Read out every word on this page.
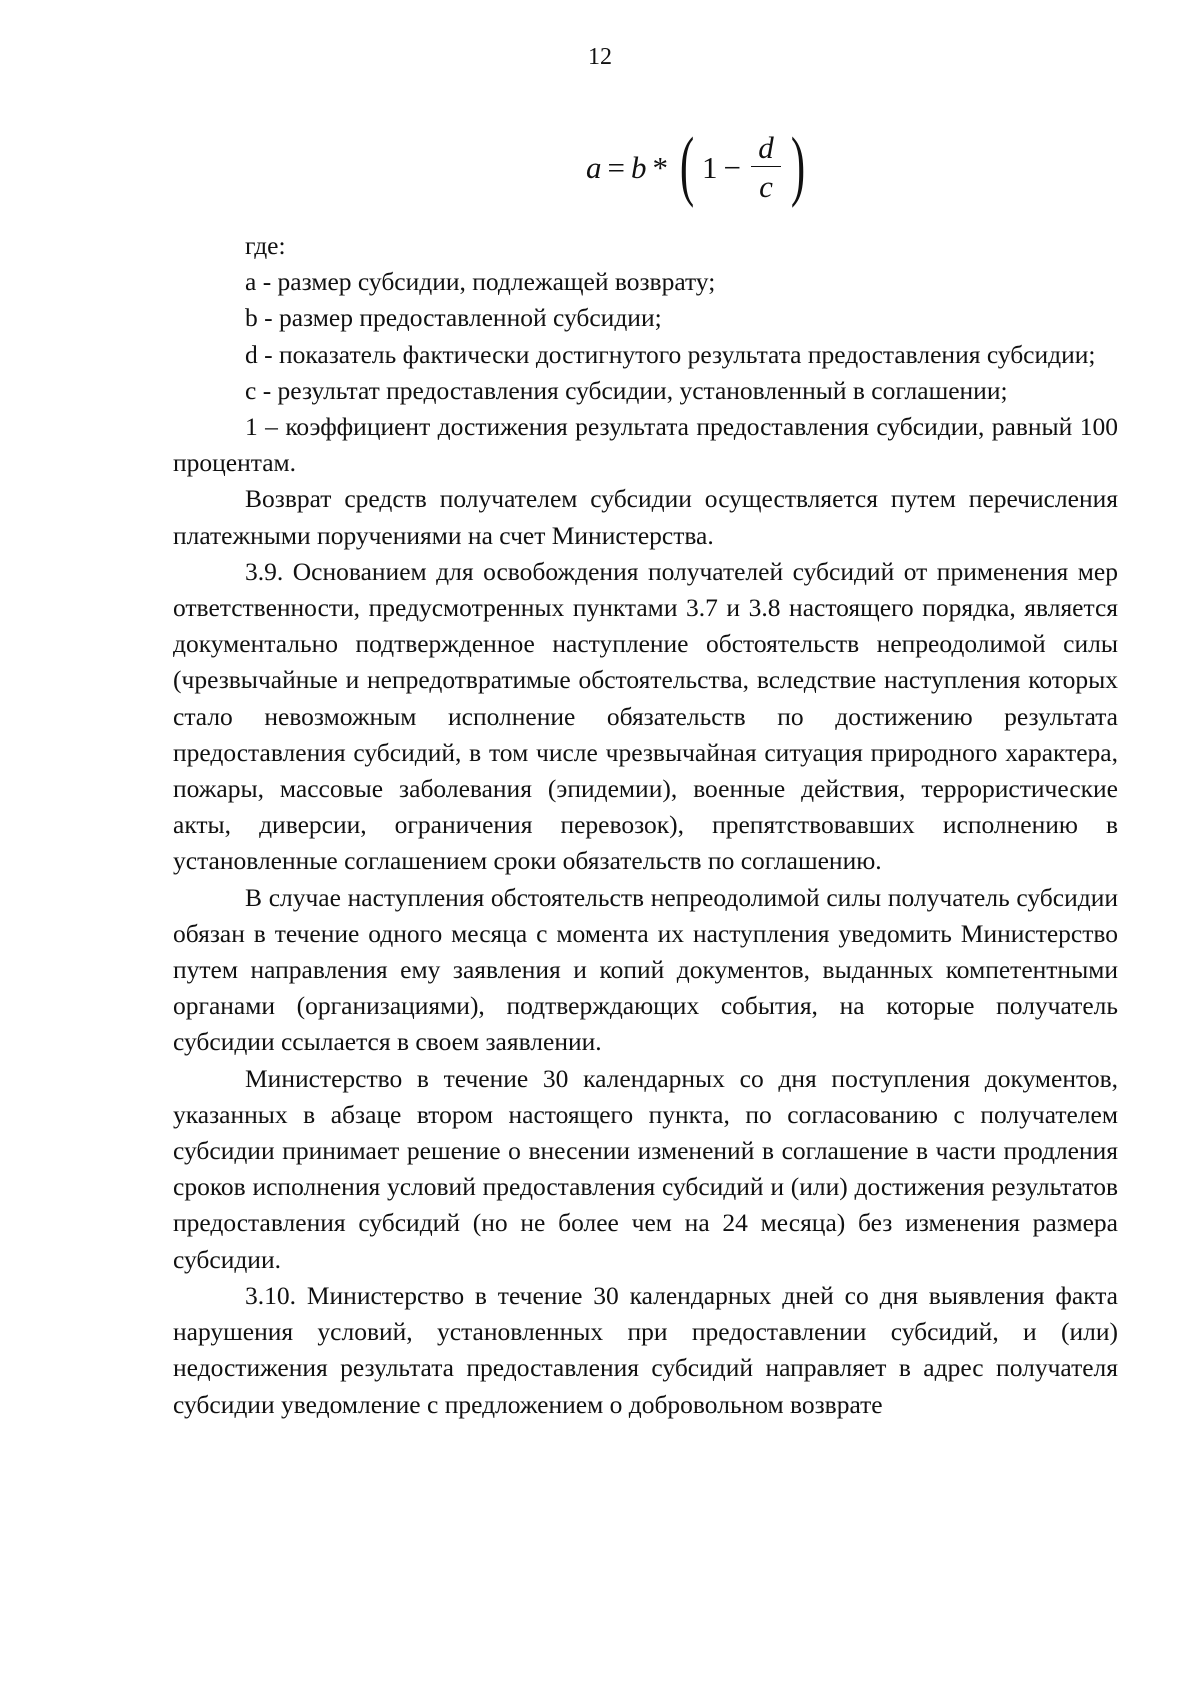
12
a = b * ( $1 - \frac{d}{c}$ )

где:

a - размер субсидии, подлежащей возврату;

b - размер предоставленной субсидии;

d - показатель фактически достигнутого результата предоставления субсидии;

c - результат предоставления субсидии, установленный в соглашении;

1 – коэффициент достижения результата предоставления субсидии, равный 100 процентам.

Возврат средств получателем субсидии осуществляется путем перечисления платежными поручениями на счет Министерства.

3.9. Основанием для освобождения получателей субсидий от применения мер ответственности, предусмотренных пунктами 3.7 и 3.8 настоящего порядка, является документально подтвержденное наступление обстоятельств непреодолимой силы (чрезвычайные и непредотвратимые обстоятельства, вследствие наступления которых стало невозможным исполнение обязательств по достижению результата предоставления субсидий, в том числе чрезвычайная ситуация природного характера, пожары, массовые заболевания (эпидемии), военные действия, террористические акты, диверсии, ограничения перевозок), препятствовавших исполнению в установленные соглашением сроки обязательств по соглашению.

В случае наступления обстоятельств непреодолимой силы получатель субсидии обязан в течение одного месяца с момента их наступления уведомить Министерство путем направления ему заявления и копий документов, выданных компетентными органами (организациями), подтверждающих события, на которые получатель субсидии ссылается в своем заявлении.

Министерство в течение 30 календарных со дня поступления документов, указанных в абзаце втором настоящего пункта, по согласованию с получателем субсидии принимает решение о внесении изменений в соглашение в части продления сроков исполнения условий предоставления субсидий и (или) достижения результатов предоставления субсидий (но не более чем на 24 месяца) без изменения размера субсидии.

3.10. Министерство в течение 30 календарных дней со дня выявления факта нарушения условий, установленных при предоставлении субсидий, и (или) недостижения результата предоставления субсидий направляет в адрес получателя субсидии уведомление с предложением о добровольном возврате
